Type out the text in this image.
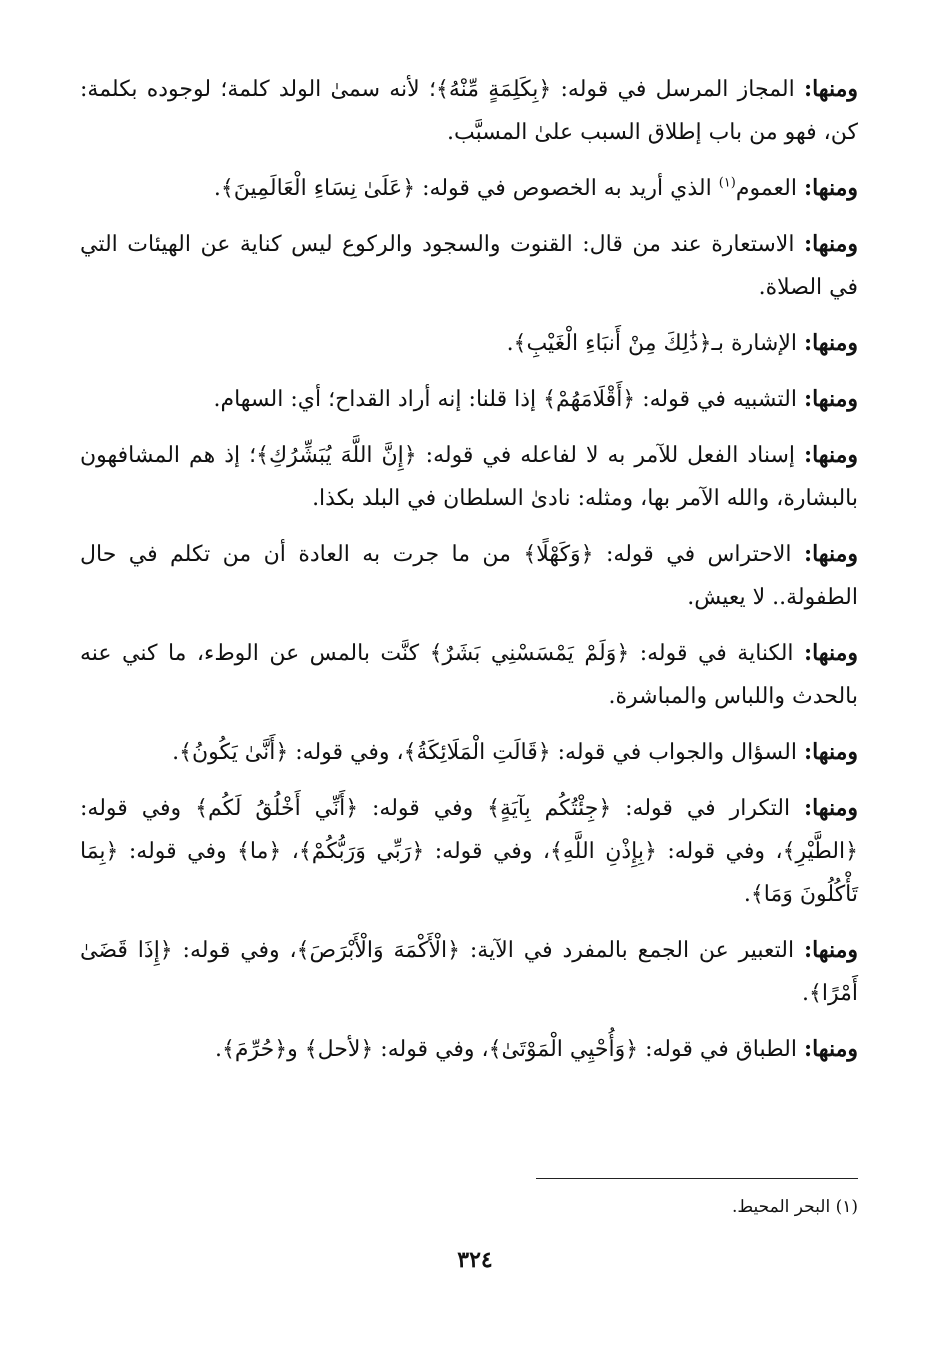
ومنها: المجاز المرسل في قوله: ﴿بِكَلِمَةٍ مِّنْهُ﴾؛ لأنه سمىٰ الولد كلمة؛ لوجوده بكلمة: كن، فهو من باب إطلاق السبب علىٰ المسبَّب.

ومنها: العموم$^{(١)}$ الذي أريد به الخصوص في قوله: ﴿عَلَىٰ نِسَاءِ الْعَالَمِينَ﴾.

ومنها: الاستعارة عند من قال: القنوت والسجود والركوع ليس كناية عن الهيئات التي في الصلاة.

ومنها: الإشارة بـ﴿ذَٰلِكَ مِنْ أَنبَاءِ الْغَيْبِ﴾.

ومنها: التشبيه في قوله: ﴿أَقْلَامَهُمْ﴾ إذا قلنا: إنه أراد القداح؛ أي: السهام.

ومنها: إسناد الفعل للآمر به لا لفاعله في قوله: ﴿إِنَّ اللَّهَ يُبَشِّرُكِ﴾؛ إذ هم المشافهون بالبشارة، والله الآمر بها، ومثله: نادىٰ السلطان في البلد بكذا.

ومنها: الاحتراس في قوله: ﴿وَكَهْلًا﴾ من ما جرت به العادة أن من تكلم في حال الطفولة.. لا يعيش.

ومنها: الكناية في قوله: ﴿وَلَمْ يَمْسَسْنِي بَشَرٌ﴾ كنَّت بالمس عن الوطء، ما كني عنه بالحدث واللباس والمباشرة.

ومنها: السؤال والجواب في قوله: ﴿قَالَتِ الْمَلَائِكَةُ﴾، وفي قوله: ﴿أَنَّىٰ يَكُونُ﴾.

ومنها: التكرار في قوله: ﴿جِئْتُكُم بِآيَةٍ﴾ وفي قوله: ﴿أَنِّي أَخْلُقُ لَكُم﴾ وفي قوله: ﴿الطَّيْرِ﴾، وفي قوله: ﴿بِإِذْنِ اللَّهِ﴾، وفي قوله: ﴿رَبِّي وَرَبُّكُمْ﴾، ﴿ما﴾ وفي قوله: ﴿بِمَا تَأْكُلُونَ وَمَا﴾.

ومنها: التعبير عن الجمع بالمفرد في الآية: ﴿الْأَكْمَهَ وَالْأَبْرَصَ﴾، وفي قوله: ﴿إِذَا قَضَىٰ أَمْرًا﴾.

ومنها: الطباق في قوله: ﴿وَأُحْيِي الْمَوْتَىٰ﴾، وفي قوله: ﴿لأحل﴾ و﴿حُرِّمَ﴾.

(١) البحر المحيط.
٣٢٤
